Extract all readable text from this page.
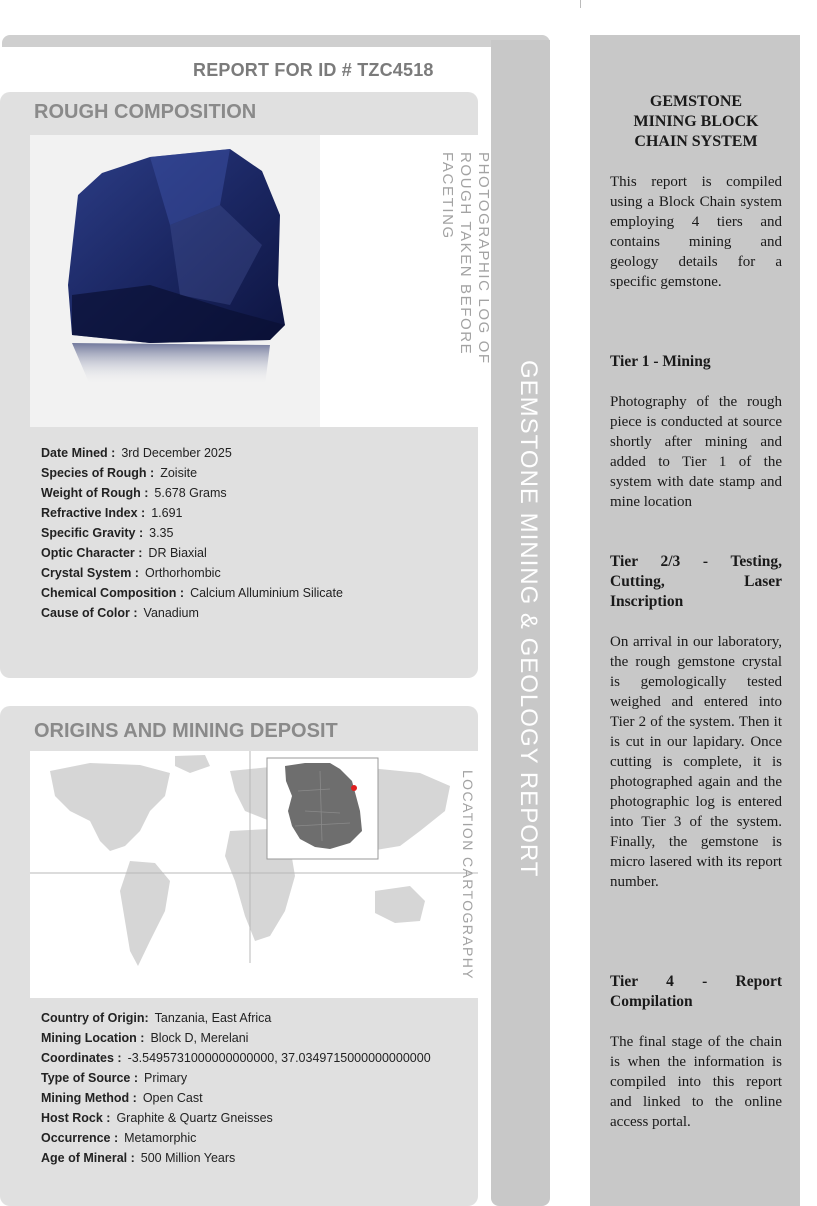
REPORT FOR ID # TZC4518
GEMSTONE MINING & GEOLOGY REPORT
ROUGH COMPOSITION
PHOTOGRAPHIC LOG OF ROUGH TAKEN BEFORE FACETING
Date Mined : 3rd December 2025
Species of Rough : Zoisite
Weight of Rough : 5.678 Grams
Refractive Index : 1.691
Specific Gravity : 3.35
Optic Character : DR Biaxial
Crystal System : Orthorhombic
Chemical Composition : Calcium Alluminium Silicate
Cause of Color : Vanadium
ORIGINS AND MINING DEPOSIT
LOCATION CARTOGRAPHY
Country of Origin: Tanzania, East Africa
Mining Location : Block D, Merelani
Coordinates : -3.5495731000000000000, 37.0349715000000000000
Type of Source : Primary
Mining Method : Open Cast
Host Rock : Graphite & Quartz Gneisses
Occurrence : Metamorphic
Age of Mineral : 500 Million Years
GEMSTONE
MINING BLOCK
CHAIN SYSTEM
This report is compiled using a Block Chain system employing 4 tiers and contains mining and geology details for a specific gemstone.
Tier 1 - Mining
Photography of the rough piece is conducted at source shortly after mining and added to Tier 1 of the system with date stamp and mine location
Tier 2/3 - Testing, Cutting, Laser Inscription
On arrival in our laboratory, the rough gemstone crystal is gemologically tested weighed and entered into Tier 2 of the system. Then it is cut in our lapidary. Once cutting is complete, it is photographed again and the photographic log is entered into Tier 3 of the system. Finally, the gemstone is micro lasered with its report number.
Tier 4 - Report Compilation
The final stage of the chain is when the information is compiled into this report and linked to the online access portal.
